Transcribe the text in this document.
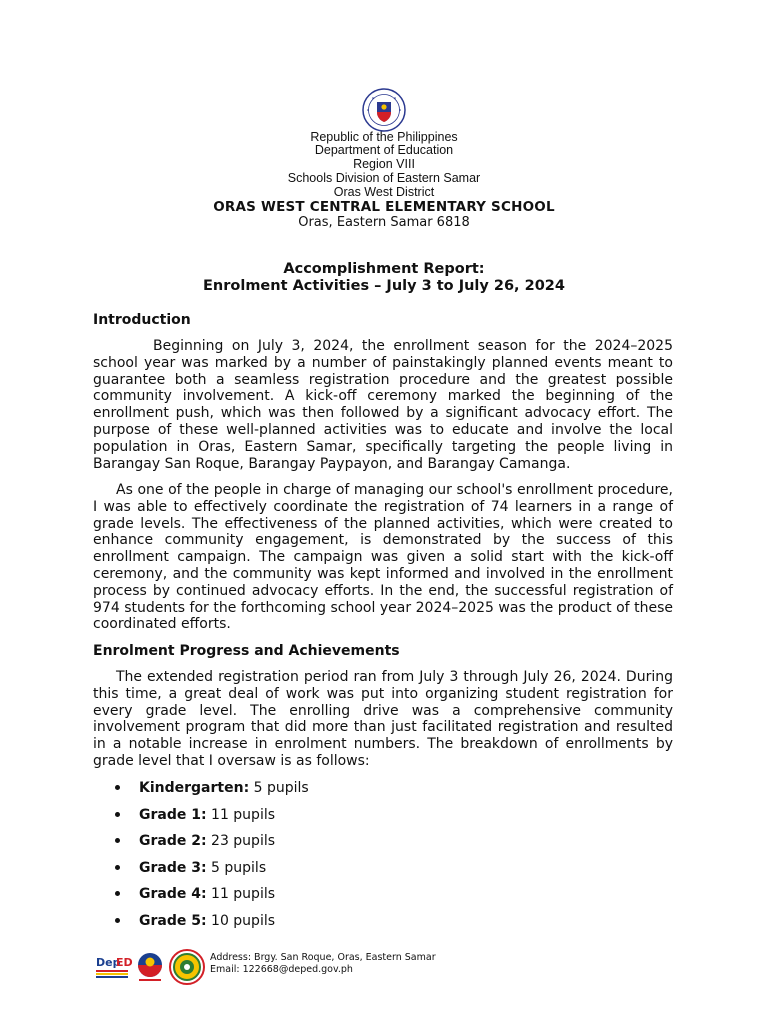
Republic of the Philippines
Department of Education
Region VIII
Schools Division of Eastern Samar
Oras West District
ORAS WEST CENTRAL ELEMENTARY SCHOOL
Oras, Eastern Samar 6818
Accomplishment Report:
Enrolment Activities – July 3 to July 26, 2024
Introduction

Beginning on July 3, 2024, the enrollment season for the 2024–2025 school year was marked by a number of painstakingly planned events meant to guarantee both a seamless registration procedure and the greatest possible community involvement. A kick-off ceremony marked the beginning of the enrollment push, which was then followed by a significant advocacy effort. The purpose of these well-planned activities was to educate and involve the local population in Oras, Eastern Samar, specifically targeting the people living in Barangay San Roque, Barangay Paypayon, and Barangay Camanga.

As one of the people in charge of managing our school's enrollment procedure, I was able to effectively coordinate the registration of 74 learners in a range of grade levels. The effectiveness of the planned activities, which were created to enhance community engagement, is demonstrated by the success of this enrollment campaign. The campaign was given a solid start with the kick-off ceremony, and the community was kept informed and involved in the enrollment process by continued advocacy efforts. In the end, the successful registration of 974 students for the forthcoming school year 2024–2025 was the product of these coordinated efforts.

Enrolment Progress and Achievements

The extended registration period ran from July 3 through July 26, 2024. During this time, a great deal of work was put into organizing student registration for every grade level. The enrolling drive was a comprehensive community involvement program that did more than just facilitated registration and resulted in a notable increase in enrolment numbers. The breakdown of enrollments by grade level that I oversaw is as follows:

Kindergarten: 5 pupils
Grade 1: 11 pupils
Grade 2: 23 pupils
Grade 3: 5 pupils
Grade 4: 11 pupils
Grade 5: 10 pupils
Dep
ED	Address: Brgy. San Roque, Oras, Eastern Samar
Email: 122668@deped.gov.ph
